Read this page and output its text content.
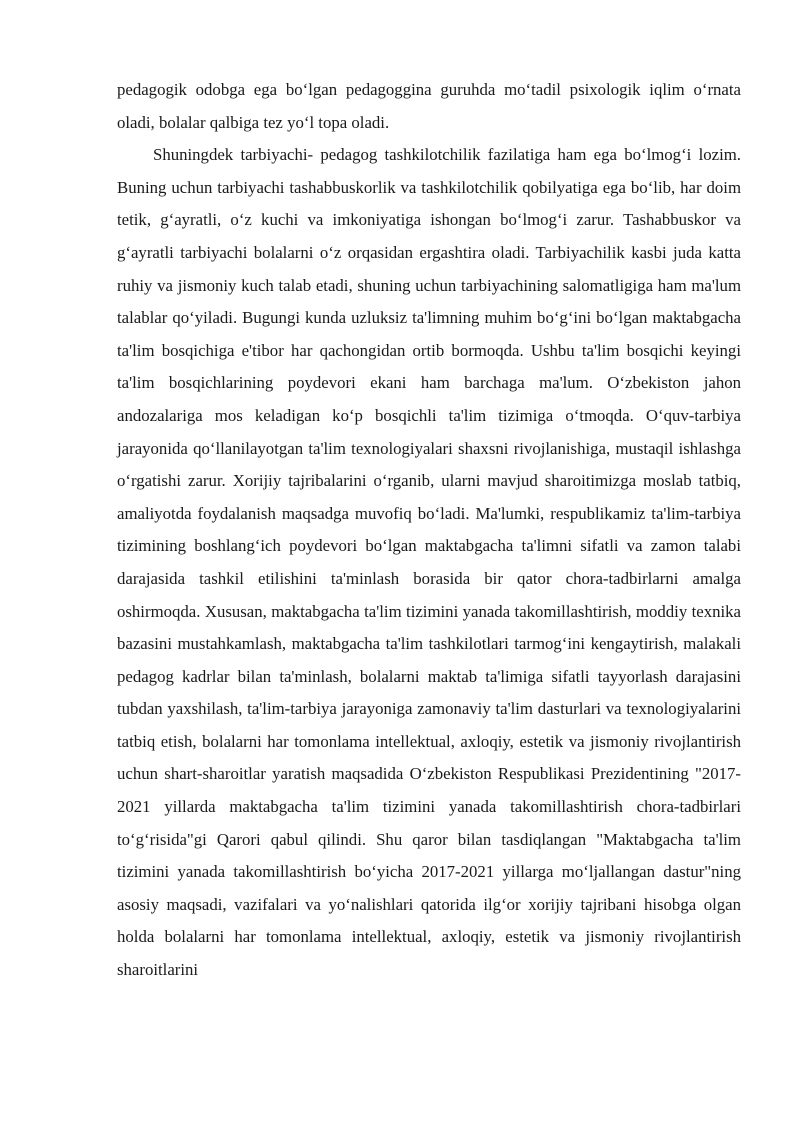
pedagogik odobga ega bo‘lgan pedagoggina guruhda mo‘tadil psixologik iqlim o‘rnata oladi, bolalar qalbiga tez yo‘l topa oladi.

Shuningdek tarbiyachi- pedagog tashkilotchilik fazilatiga ham ega bo‘lmog‘i lozim. Buning uchun tarbiyachi tashabbuskorlik va tashkilotchilik qobilyatiga ega bo‘lib, har doim tetik, g‘ayratli, o‘z kuchi va imkoniyatiga ishongan bo‘lmog‘i zarur. Tashabbuskor va g‘ayratli tarbiyachi bolalarni o‘z orqasidan ergashtira oladi. Tarbiyachilik kasbi juda katta ruhiy va jismoniy kuch talab etadi, shuning uchun tarbiyachining salomatligiga ham ma'lum talablar qo‘yiladi. Bugungi kunda uzluksiz ta'limning muhim bo‘g‘ini bo‘lgan maktabgacha ta'lim bosqichiga e'tibor har qachongidan ortib bormoqda. Ushbu ta'lim bosqichi keyingi ta'lim bosqichlarining poydevori ekani ham barchaga ma'lum. O‘zbekiston jahon andozalariga mos keladigan ko‘p bosqichli ta'lim tizimiga o‘tmoqda. O‘quv-tarbiya jarayonida qo‘llanilayotgan ta'lim texnologiyalari shaxsni rivojlanishiga, mustaqil ishlashga o‘rgatishi zarur. Xorijiy tajribalarini o‘rganib, ularni mavjud sharoitimizga moslab tatbiq, amaliyotda foydalanish maqsadga muvofiq bo‘ladi. Ma'lumki, respublikamiz ta'lim-tarbiya tizimining boshlang‘ich poydevori bo‘lgan maktabgacha ta'limni sifatli va zamon talabi darajasida tashkil etilishini ta'minlash borasida bir qator chora-tadbirlarni amalga oshirmoqda. Xususan, maktabgacha ta'lim tizimini yanada takomillashtirish, moddiy texnika bazasini mustahkamlash, maktabgacha ta'lim tashkilotlari tarmog‘ini kengaytirish, malakali pedagog kadrlar bilan ta'minlash, bolalarni maktab ta'limiga sifatli tayyorlash darajasini tubdan yaxshilash, ta'lim-tarbiya jarayoniga zamonaviy ta'lim dasturlari va texnologiyalarini tatbiq etish, bolalarni har tomonlama intellektual, axloqiy, estetik va jismoniy rivojlantirish uchun shart-sharoitlar yaratish maqsadida O‘zbekiston Respublikasi Prezidentining "2017-2021 yillarda maktabgacha ta'lim tizimini yanada takomillashtirish chora-tadbirlari to‘g‘risida"gi Qarori qabul qilindi. Shu qaror bilan tasdiqlangan "Maktabgacha ta'lim tizimini yanada takomillashtirish bo‘yicha 2017-2021 yillarga mo‘ljallangan dastur"ning asosiy maqsadi, vazifalari va yo‘nalishlari qatorida ilg‘or xorijiy tajribani hisobga olgan holda bolalarni har tomonlama intellektual, axloqiy, estetik va jismoniy rivojlantirish sharoitlarini
